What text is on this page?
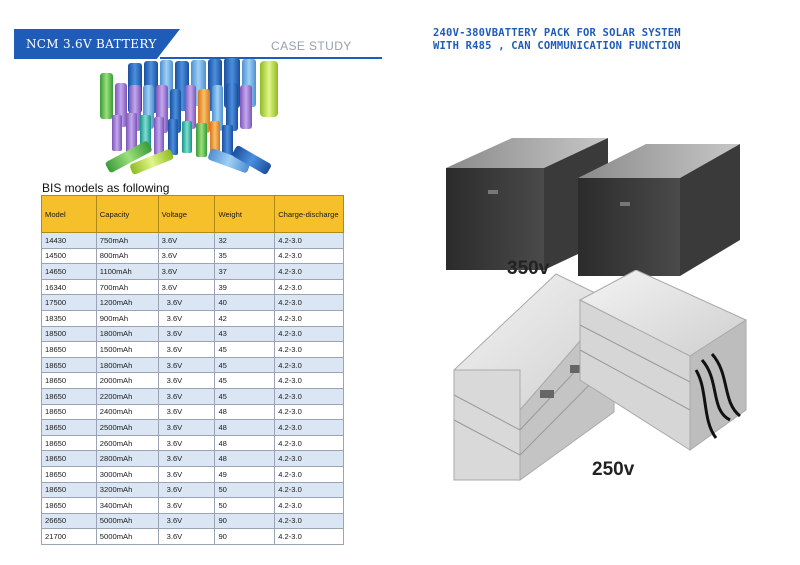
NCM 3.6V BATTERY	CASE STUDY
BIS models as following
Model	Capacity	Voltage	Weight	Charge-discharge
14430	750mAh	3.6V	32	4.2-3.0
14500	800mAh	3.6V	35	4.2-3.0
14650	1100mAh	3.6V	37	4.2-3.0
16340	700mAh	3.6V	39	4.2-3.0
17500	1200mAh	3.6V	40	4.2-3.0
18350	900mAh	3.6V	42	4.2-3.0
18500	1800mAh	3.6V	43	4.2-3.0
18650	1500mAh	3.6V	45	4.2-3.0
18650	1800mAh	3.6V	45	4.2-3.0
18650	2000mAh	3.6V	45	4.2-3.0
18650	2200mAh	3.6V	45	4.2-3.0
18650	2400mAh	3.6V	48	4.2-3.0
18650	2500mAh	3.6V	48	4.2-3.0
18650	2600mAh	3.6V	48	4.2-3.0
18650	2800mAh	3.6V	48	4.2-3.0
18650	3000mAh	3.6V	49	4.2-3.0
18650	3200mAh	3.6V	50	4.2-3.0
18650	3400mAh	3.6V	50	4.2-3.0
26650	5000mAh	3.6V	90	4.2-3.0
21700	5000mAh	3.6V	90	4.2-3.0
240V-380VBATTERY PACK FOR SOLAR SYSTEM
WITH R485 , CAN COMMUNICATION FUNCTION
350v
250v
